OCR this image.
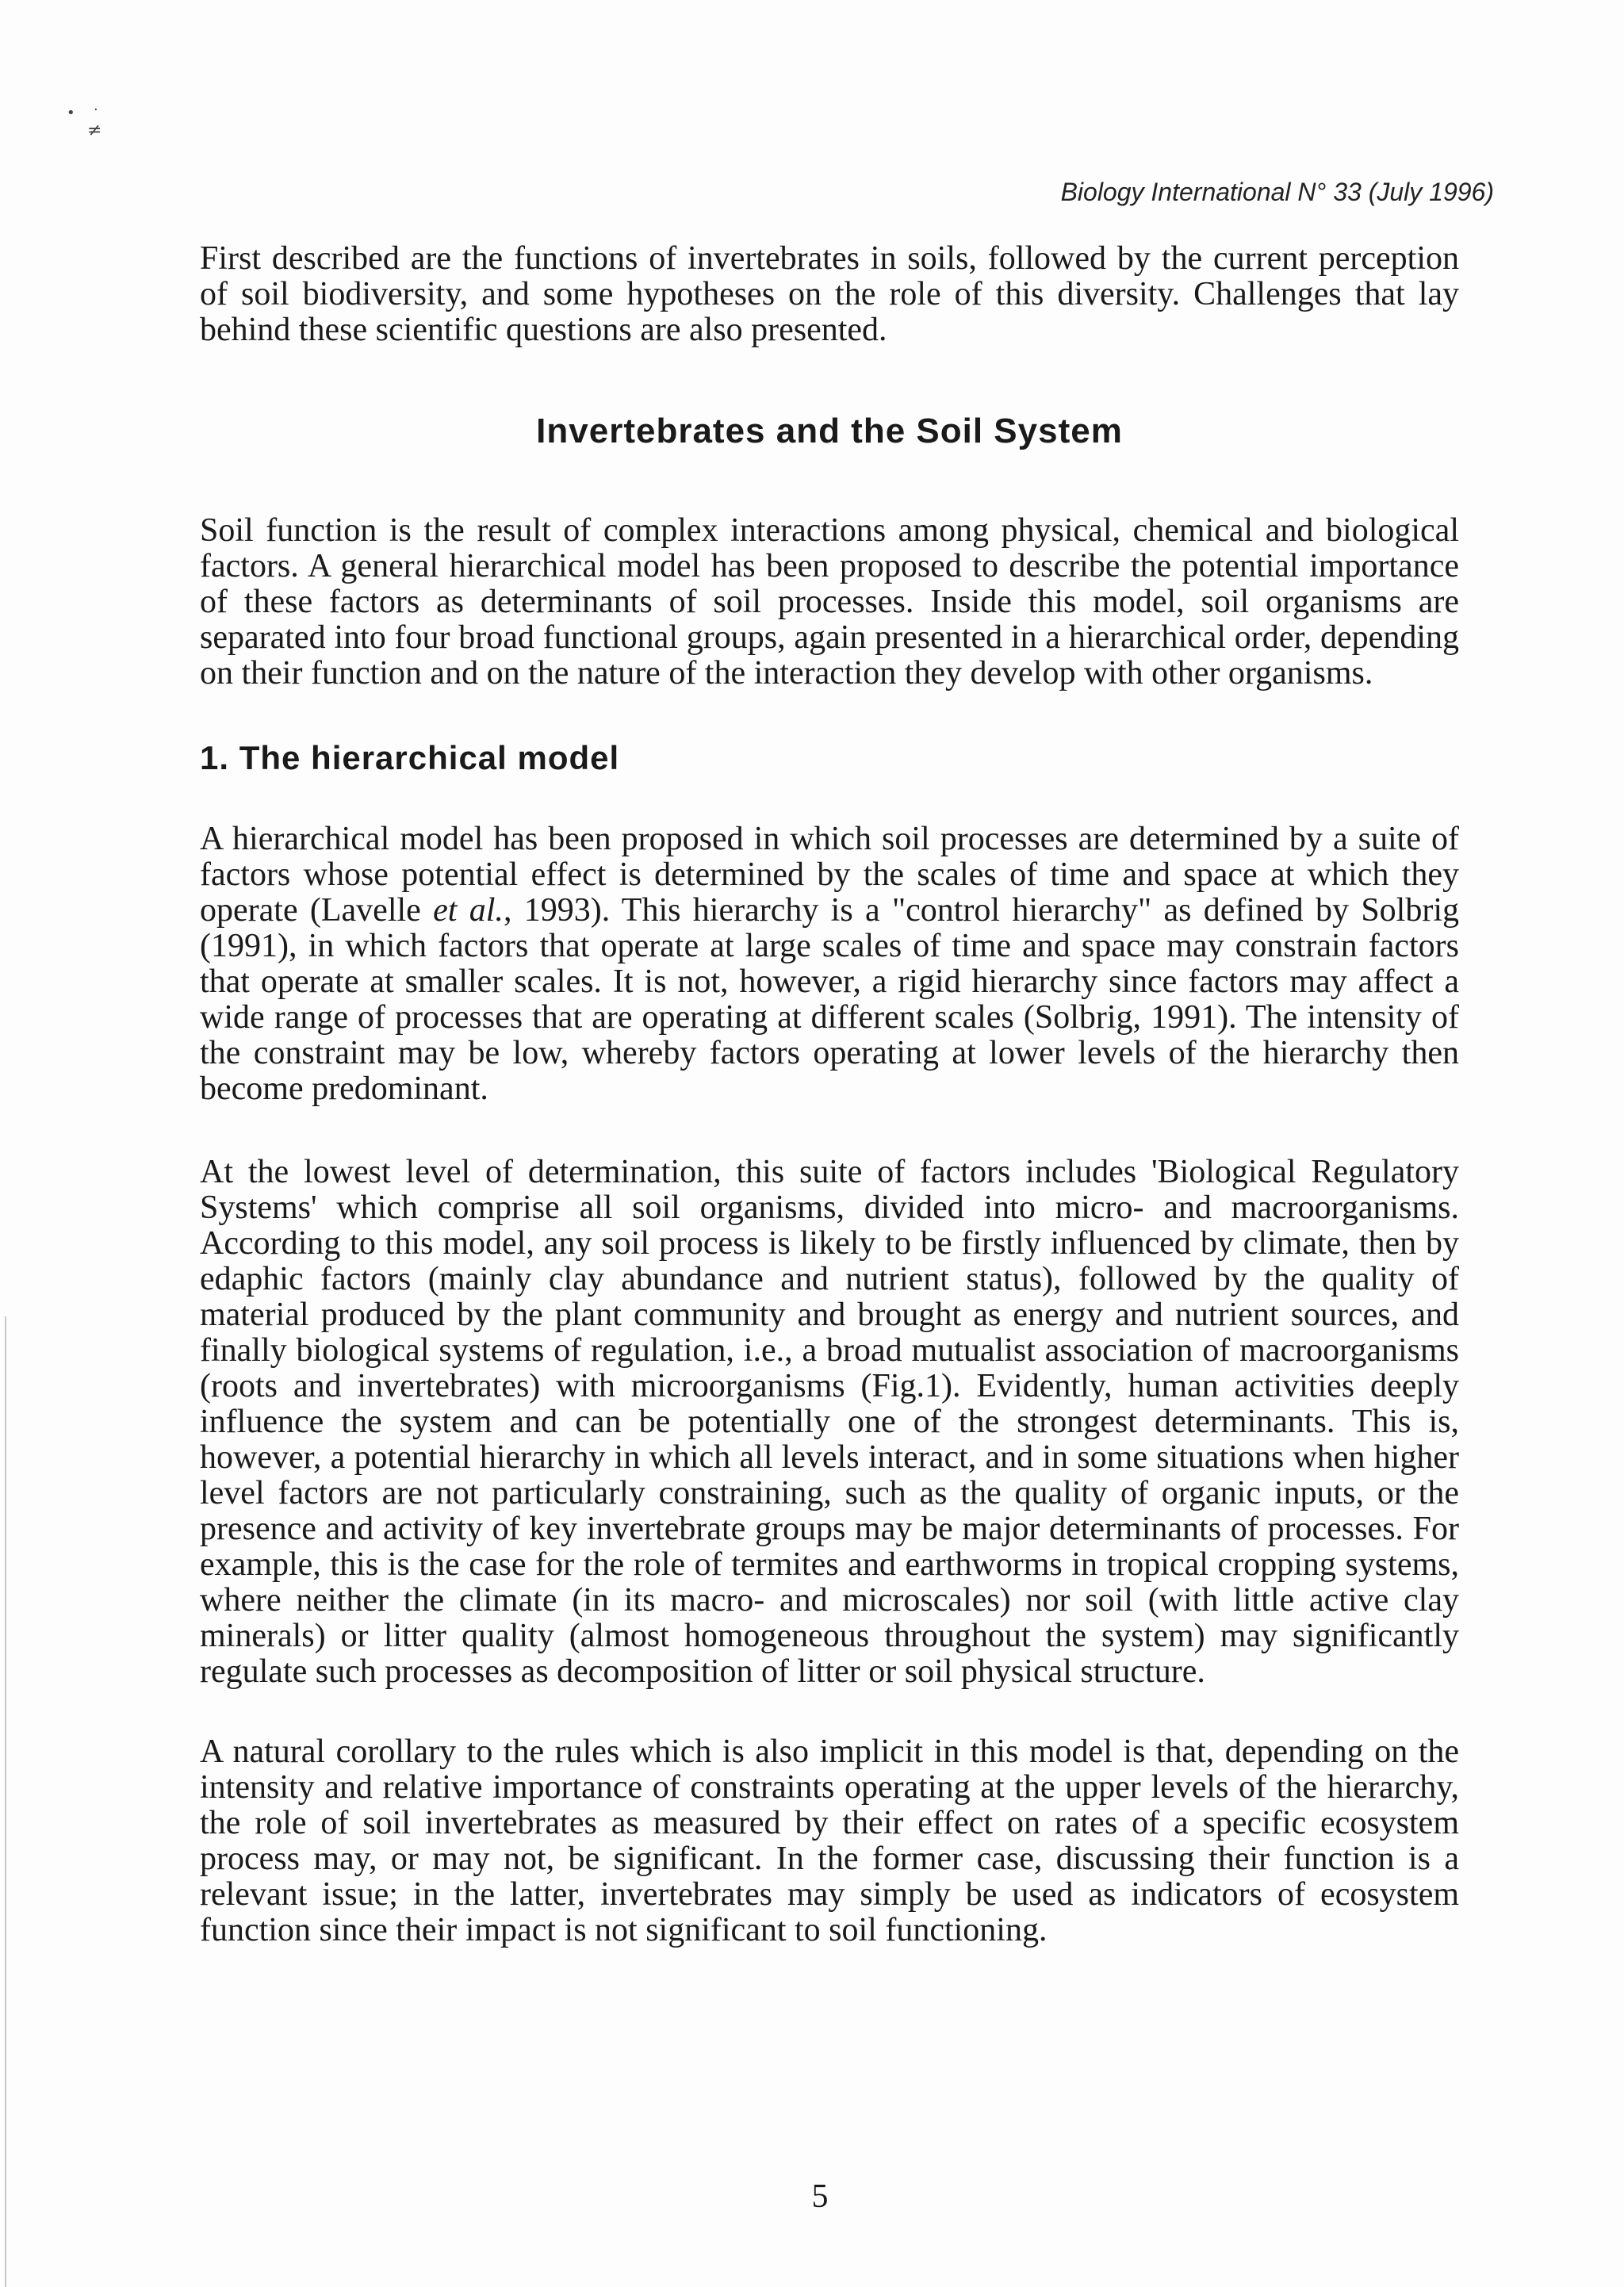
• ·
≠
Biology International N° 33 (July 1996)

First described are the functions of invertebrates in soils, followed by the current perception of soil biodiversity, and some hypotheses on the role of this diversity. Challenges that lay behind these scientific questions are also presented.

Invertebrates and the Soil System

Soil function is the result of complex interactions among physical, chemical and biological factors. A general hierarchical model has been proposed to describe the potential importance of these factors as determinants of soil processes. Inside this model, soil organisms are separated into four broad functional groups, again presented in a hierarchical order, depending on their function and on the nature of the interaction they develop with other organisms.

1. The hierarchical model

A hierarchical model has been proposed in which soil processes are determined by a suite of factors whose potential effect is determined by the scales of time and space at which they operate (Lavelle et al., 1993). This hierarchy is a "control hierarchy" as defined by Solbrig (1991), in which factors that operate at large scales of time and space may constrain factors that operate at smaller scales. It is not, however, a rigid hierarchy since factors may affect a wide range of processes that are operating at different scales (Solbrig, 1991). The intensity of the constraint may be low, whereby factors operating at lower levels of the hierarchy then become predominant.

At the lowest level of determination, this suite of factors includes 'Biological Regulatory Systems' which comprise all soil organisms, divided into micro- and macroorganisms. According to this model, any soil process is likely to be firstly influenced by climate, then by edaphic factors (mainly clay abundance and nutrient status), followed by the quality of material produced by the plant community and brought as energy and nutrient sources, and finally biological systems of regulation, i.e., a broad mutualist association of macroorganisms (roots and invertebrates) with microorganisms (Fig.1). Evidently, human activities deeply influence the system and can be potentially one of the strongest determinants. This is, however, a potential hierarchy in which all levels interact, and in some situations when higher level factors are not particularly constraining, such as the quality of organic inputs, or the presence and activity of key invertebrate groups may be major determinants of processes. For example, this is the case for the role of termites and earthworms in tropical cropping systems, where neither the climate (in its macro- and microscales) nor soil (with little active clay minerals) or litter quality (almost homogeneous throughout the system) may significantly regulate such processes as decomposition of litter or soil physical structure.

A natural corollary to the rules which is also implicit in this model is that, depending on the intensity and relative importance of constraints operating at the upper levels of the hierarchy, the role of soil invertebrates as measured by their effect on rates of a specific ecosystem process may, or may not, be significant. In the former case, discussing their function is a relevant issue; in the latter, invertebrates may simply be used as indicators of ecosystem function since their impact is not significant to soil functioning.

5
